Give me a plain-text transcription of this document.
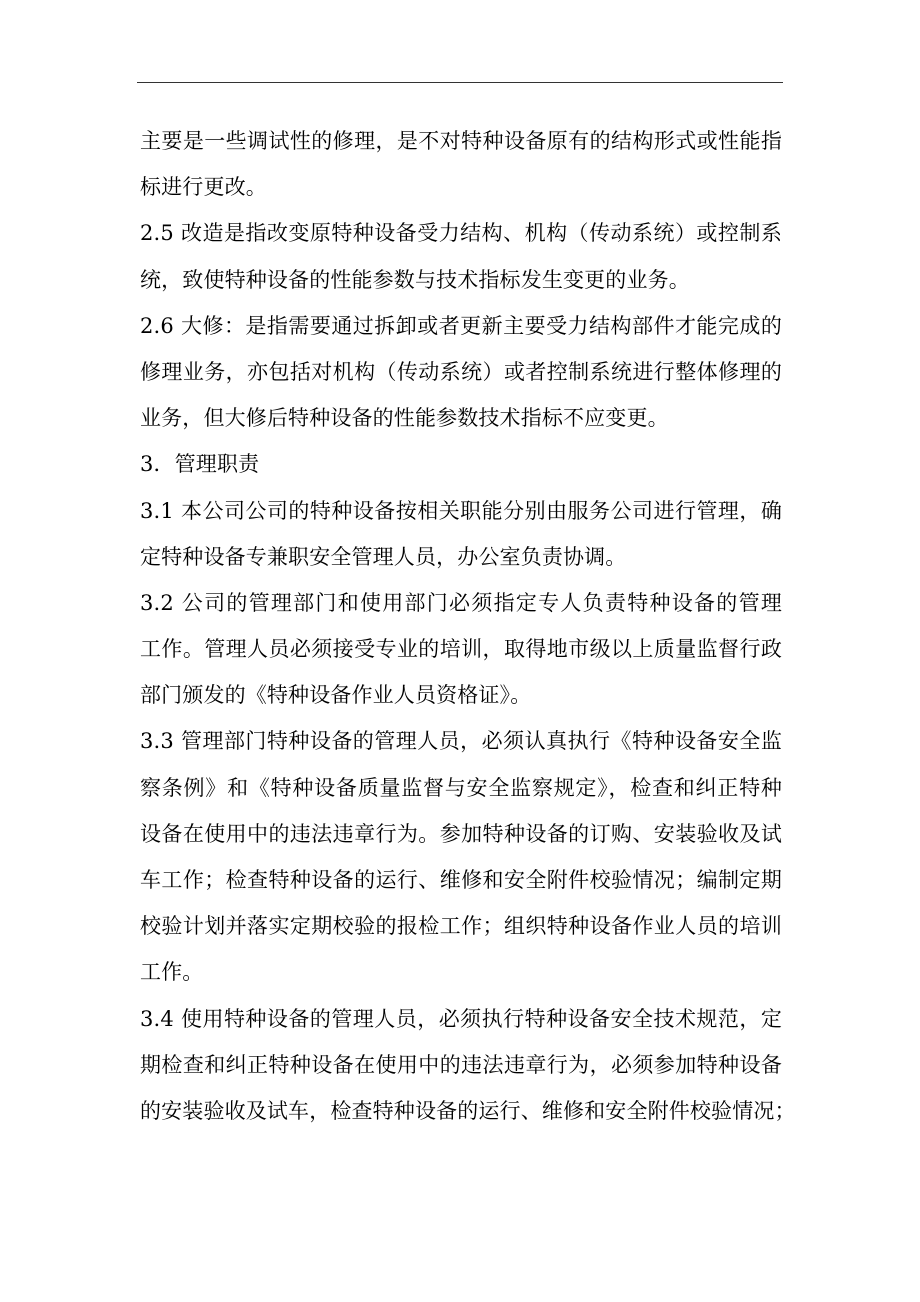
主要是一些调试性的修理，是不对特种设备原有的结构形式或性能指
标进行更改。
2.5 改造是指改变原特种设备受力结构、机构（传动系统）或控制系
统，致使特种设备的性能参数与技术指标发生变更的业务。
2.6 大修：是指需要通过拆卸或者更新主要受力结构部件才能完成的
修理业务，亦包括对机构（传动系统）或者控制系统进行整体修理的
业务，但大修后特种设备的性能参数技术指标不应变更。
3．管理职责
3.1 本公司公司的特种设备按相关职能分别由服务公司进行管理，确
定特种设备专兼职安全管理人员，办公室负责协调。
3.2 公司的管理部门和使用部门必须指定专人负责特种设备的管理
工作。管理人员必须接受专业的培训，取得地市级以上质量监督行政
部门颁发的《特种设备作业人员资格证》。
3.3 管理部门特种设备的管理人员，必须认真执行《特种设备安全监
察条例》和《特种设备质量监督与安全监察规定》，检查和纠正特种
设备在使用中的违法违章行为。参加特种设备的订购、安装验收及试
车工作；检查特种设备的运行、维修和安全附件校验情况；编制定期
校验计划并落实定期校验的报检工作；组织特种设备作业人员的培训
工作。
3.4 使用特种设备的管理人员，必须执行特种设备安全技术规范，定
期检查和纠正特种设备在使用中的违法违章行为，必须参加特种设备
的安装验收及试车，检查特种设备的运行、维修和安全附件校验情况；
